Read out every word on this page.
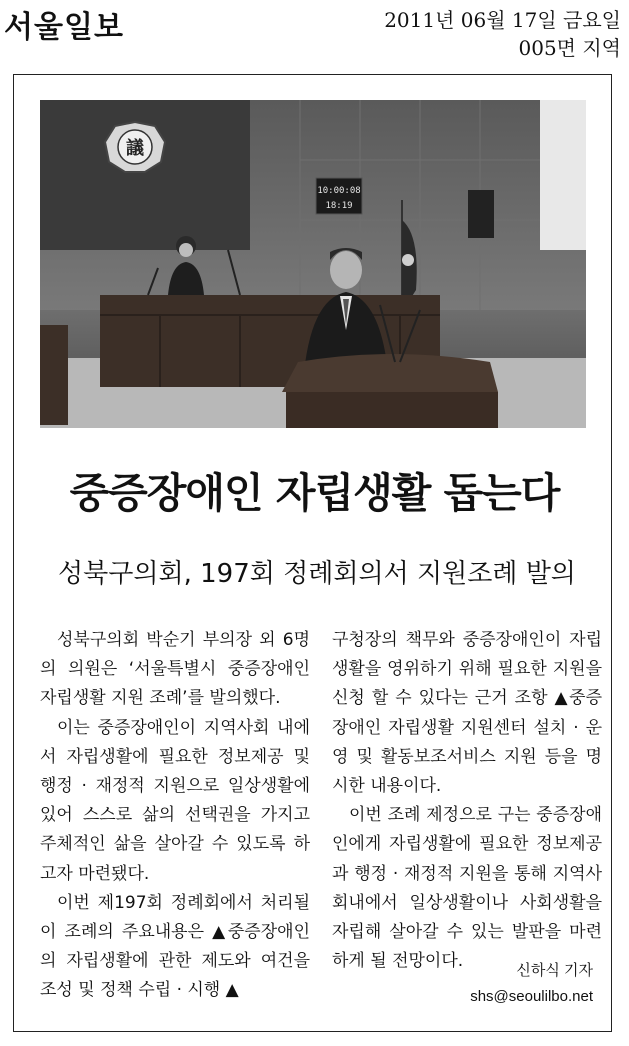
서울일보	2011년 06월 17일 금요일
005면 지역
議
10:00:08
18:19
중증장애인 자립생활 돕는다
성북구의회, 197회 정례회의서 지원조례 발의

성북구의회 박순기 부의장 외 6명의 의원은 ‘서울특별시 중증장애인 자립생활 지원 조례’를 발의했다.

이는 중증장애인이 지역사회 내에서 자립생활에 필요한 정보제공 및 행정 · 재정적 지원으로 일상생활에 있어 스스로 삶의 선택권을 가지고 주체적인 삶을 살아갈 수 있도록 하고자 마련됐다.

이번 제197회 정례회에서 처리될 이 조례의 주요내용은 ▲중증장애인의 자립생활에 관한 제도와 여건을 조성 및 정책 수립 · 시행 ▲

구청장의 책무와 중증장애인이 자립생활을 영위하기 위해 필요한 지원을 신청 할 수 있다는 근거 조항 ▲중증장애인 자립생활 지원센터 설치 · 운영 및 활동보조서비스 지원 등을 명시한 내용이다.

이번 조례 제정으로 구는 중증장애인에게 자립생활에 필요한 정보제공과 행정 · 재정적 지원을 통해 지역사회내에서 일상생활이나 사회생활을 자립해 살아갈 수 있는 발판을 마련하게 될 전망이다.	신하식 기자
shs@seoulilbo.net
